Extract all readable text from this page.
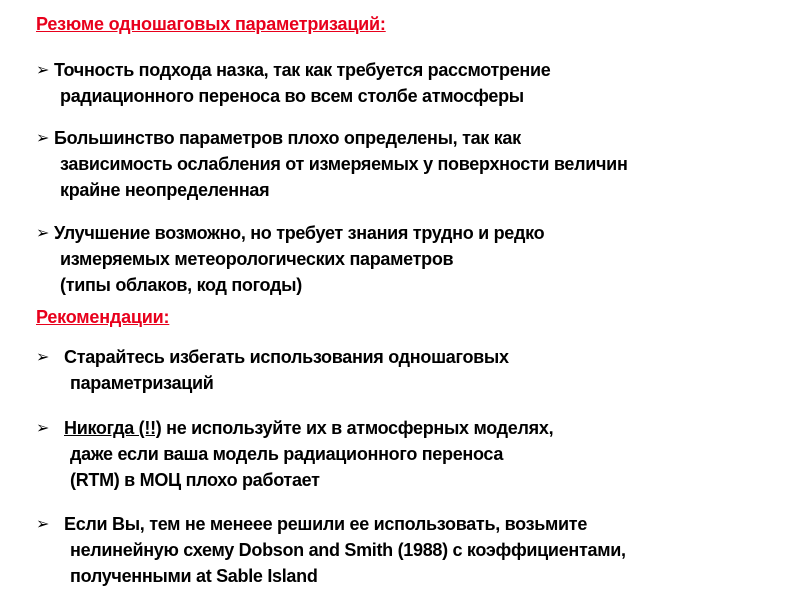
Резюме одношаговых параметризаций:
➢ Точность подхода назка, так как требуется рассмотрение
радиационного переноса во всем столбе атмосферы
➢ Большинство параметров плохо определены, так как
зависимость ослабления от измеряемых у поверхности величин
крайне неопределенная
➢ Улучшение возможно, но требует знания трудно и редко
измеряемых метеорологических параметров
(типы облаков, код погоды)
Рекомендации:
➢ Старайтесь избегать использования одношаговых
параметризаций
➢ Никогда (!!) не используйте их в атмосферных моделях,
даже если ваша модель радиационного переноса
(RTM) в МОЦ плохо работает
➢ Если Вы, тем не менеее решили ее использовать, возьмите
нелинейную схему Dobson and Smith (1988) с коэффициентами,
полученными at Sable Island
